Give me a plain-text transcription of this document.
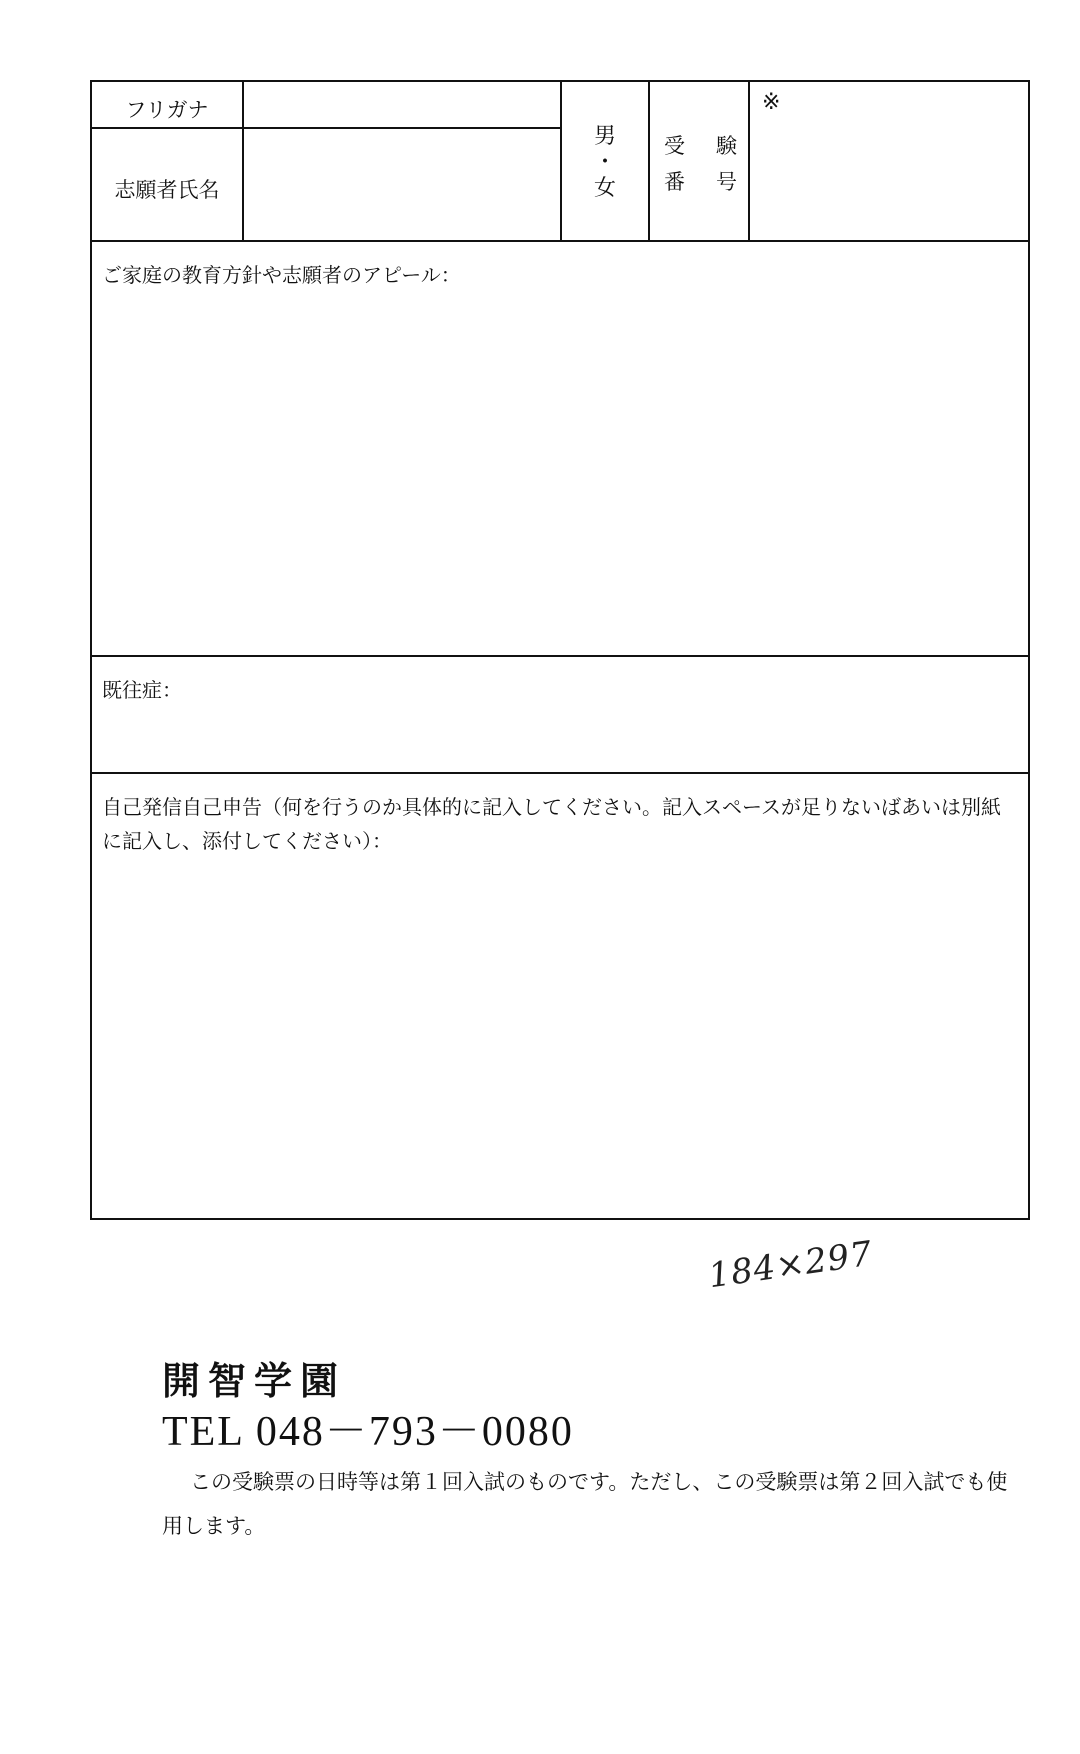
フリガナ
志願者氏名
男
・
女
受	験
番	号
※
ご家庭の教育方針や志願者のアピール：
既往症：
自己発信自己申告（何を行うのか具体的に記入してください。記入スペースが足りないばあいは別紙に記入し、添付してください）：
184×297
開智学園
TEL 048－793－0080
この受験票の日時等は第１回入試のものです。ただし、この受験票は第２回入試でも使用します。
